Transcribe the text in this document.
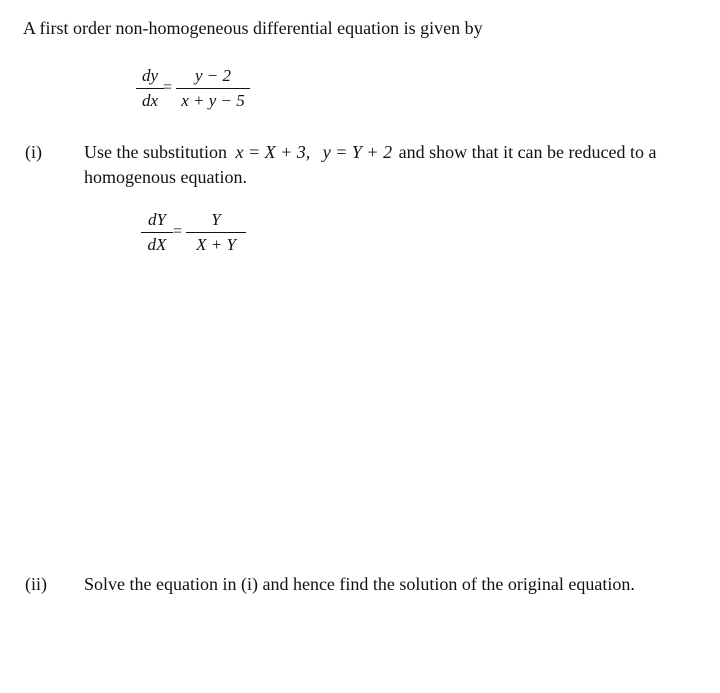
A first order non-homogeneous differential equation is given by
dy
dx
=
y − 2
x + y − 5
(i) Use the substitution x = X + 3, y = Y + 2 and show that it can be reduced to a
homogenous equation.
dY
dX
=
Y
X + Y
(ii) Solve the equation in (i) and hence find the solution of the original equation.
